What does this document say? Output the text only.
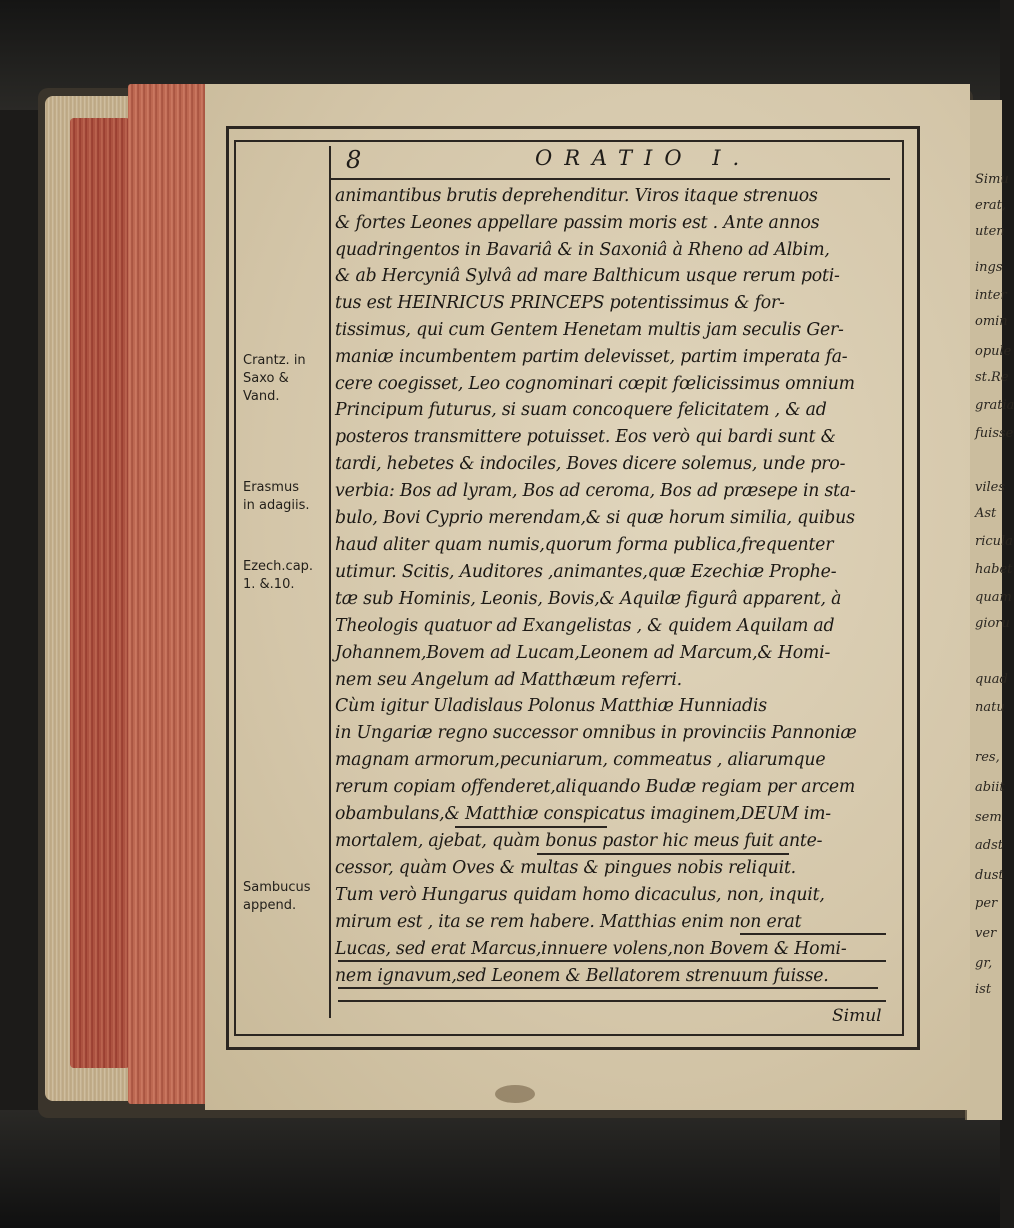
Simu
erat,
uten
ings
inter
omin
opule
st.Re
gratia
fuisse
viles
Ast
ricula
habet
quam
gioru
quad
natu
res,
abiit
sem
adst
dust
per
ver
gr,
ist
8	ORATIO I.
animantibus brutis deprehenditur. Viros itaque strenuos
& fortes Leones appellare passim moris est . Ante annos
quadringentos in Bavariâ & in Saxoniâ à Rheno ad Albim,
& ab Hercyniâ Sylvâ ad mare Balthicum usque rerum poti-
tus est HEINRICUS PRINCEPS potentissimus & for-
tissimus, qui cum Gentem Henetam multis jam seculis Ger-
maniæ incumbentem partim delevisset, partim imperata fa-
cere coegisset, Leo cognominari cœpit fœlicissimus omnium
Principum futurus, si suam concoquere felicitatem , & ad
posteros transmittere potuisset. Eos verò qui bardi sunt &
tardi, hebetes & indociles, Boves dicere solemus, unde pro-
verbia: Bos ad lyram, Bos ad ceroma, Bos ad præsepe in sta-
bulo, Bovi Cyprio merendam,& si quæ horum similia, quibus
haud aliter quam numis,quorum forma publica,frequenter
utimur. Scitis, Auditores ,animantes,quæ Ezechiæ Prophe-
tæ sub Hominis, Leonis, Bovis,& Aquilæ figurâ apparent, à
Theologis quatuor ad Exangelistas , & quidem Aquilam ad
Johannem,Bovem ad Lucam,Leonem ad Marcum,& Homi-
nem seu Angelum ad Matthæum referri.
Cùm igitur Uladislaus Polonus Matthiæ Hunniadis
in Ungariæ regno successor omnibus in provinciis Pannoniæ
magnam armorum,pecuniarum, commeatus , aliarumque
rerum copiam offenderet,aliquando Budæ regiam per arcem
obambulans,& Matthiæ conspicatus imaginem,DEUM im-
mortalem, ajebat, quàm bonus pastor hic meus fuit ante-
cessor, quàm Oves & multas & pingues nobis reliquit.
Tum verò Hungarus quidam homo dicaculus, non, inquit,
mirum est , ita se rem habere. Matthias enim non erat
Lucas, sed erat Marcus,innuere volens,non Bovem & Homi-
nem ignavum,sed Leonem & Bellatorem strenuum fuisse.
Crantz. in
Saxo &
Vand.
Erasmus
in adagiis.
Ezech.cap.
1. &.10.
Sambucus
append.
Simul
